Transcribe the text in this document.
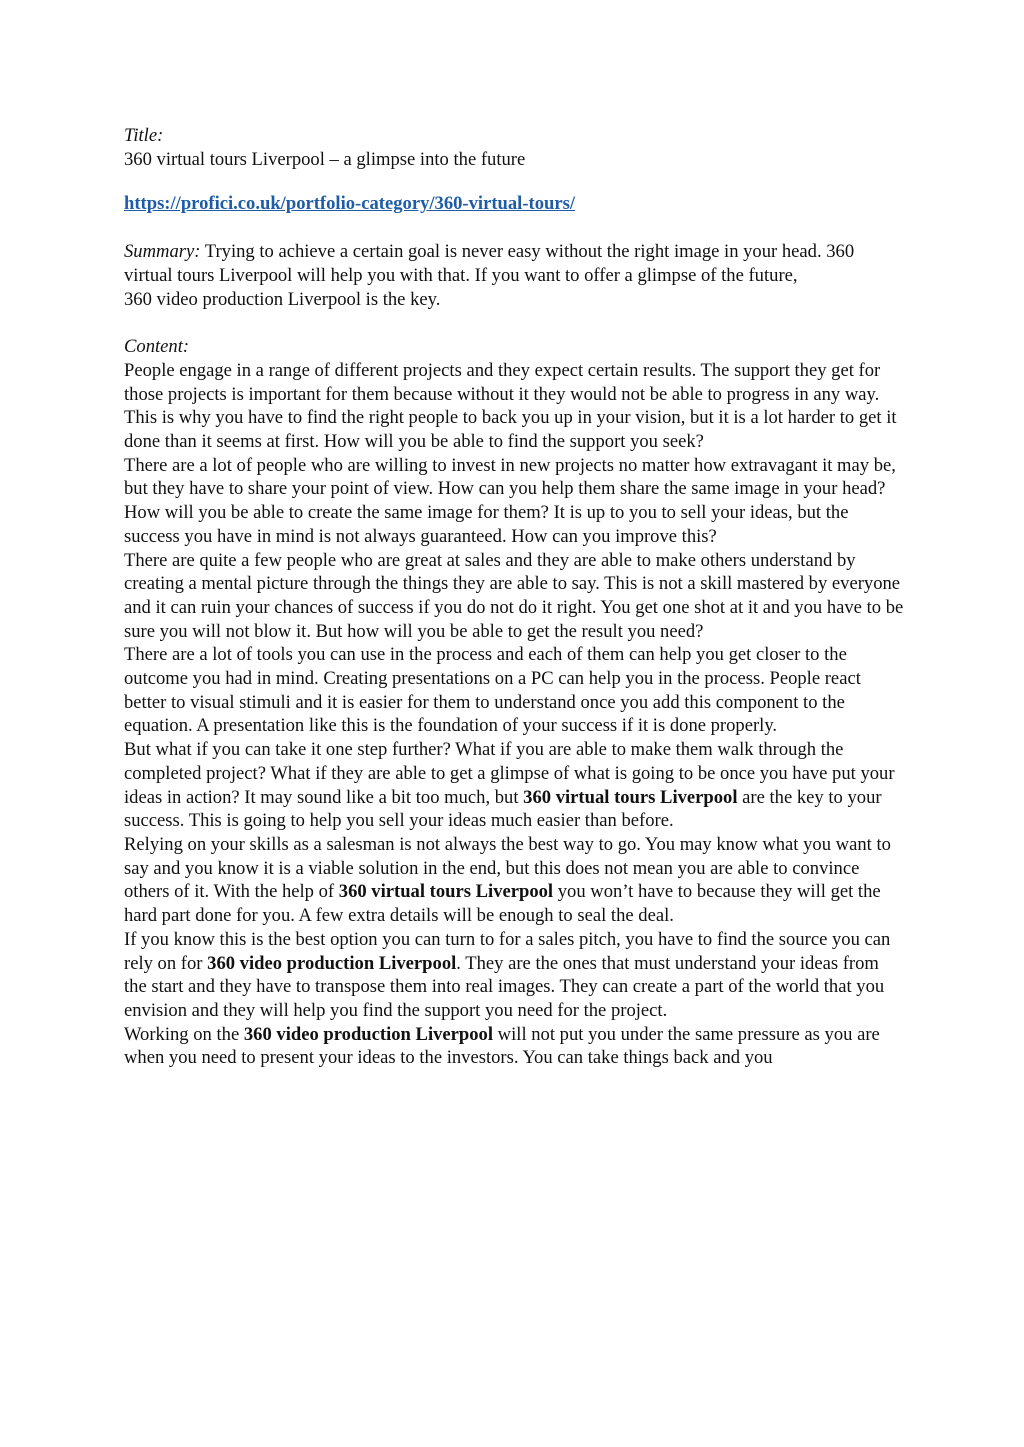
Title:

360 virtual tours Liverpool – a glimpse into the future

https://profici.co.uk/portfolio-category/360-virtual-tours/

Summary: Trying to achieve a certain goal is never easy without the right image in your head. 360 virtual tours Liverpool will help you with that. If you want to offer a glimpse of the future,

360 video production Liverpool is the key.

Content:

People engage in a range of different projects and they expect certain results. The support they get for those projects is important for them because without it they would not be able to progress in any way. This is why you have to find the right people to back you up in your vision, but it is a lot harder to get it done than it seems at first. How will you be able to find the support you seek?

There are a lot of people who are willing to invest in new projects no matter how extravagant it may be, but they have to share your point of view. How can you help them share the same image in your head? How will you be able to create the same image for them? It is up to you to sell your ideas, but the success you have in mind is not always guaranteed. How can you improve this?

There are quite a few people who are great at sales and they are able to make others understand by creating a mental picture through the things they are able to say. This is not a skill mastered by everyone and it can ruin your chances of success if you do not do it right. You get one shot at it and you have to be sure you will not blow it. But how will you be able to get the result you need?

There are a lot of tools you can use in the process and each of them can help you get closer to the outcome you had in mind. Creating presentations on a PC can help you in the process. People react better to visual stimuli and it is easier for them to understand once you add this component to the equation. A presentation like this is the foundation of your success if it is done properly.

But what if you can take it one step further? What if you are able to make them walk through the completed project? What if they are able to get a glimpse of what is going to be once you have put your ideas in action? It may sound like a bit too much, but 360 virtual tours Liverpool are the key to your success. This is going to help you sell your ideas much easier than before.

Relying on your skills as a salesman is not always the best way to go. You may know what you want to say and you know it is a viable solution in the end, but this does not mean you are able to convince others of it. With the help of 360 virtual tours Liverpool you won’t have to because they will get the hard part done for you. A few extra details will be enough to seal the deal.

If you know this is the best option you can turn to for a sales pitch, you have to find the source you can rely on for 360 video production Liverpool. They are the ones that must understand your ideas from the start and they have to transpose them into real images. They can create a part of the world that you envision and they will help you find the support you need for the project.

Working on the 360 video production Liverpool will not put you under the same pressure as you are when you need to present your ideas to the investors. You can take things back and you
